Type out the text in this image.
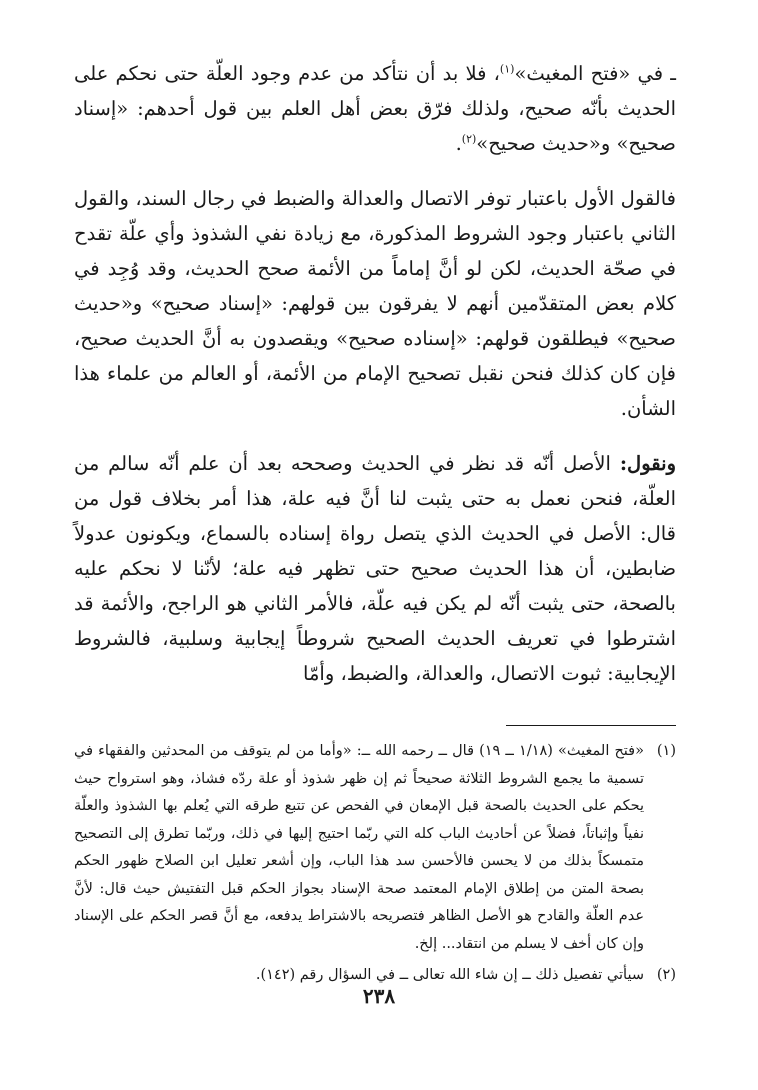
ـ في «فتح المغيث»$^{(١)}$، فلا بد أن نتأكد من عدم وجود العلّة حتى نحكم على الحديث بأنّه صحيح، ولذلك فرّق بعض أهل العلم بين قول أحدهم: «إسناد صحيح» و«حديث صحيح»$^{(٢)}$.

فالقول الأول باعتبار توفر الاتصال والعدالة والضبط في رجال السند، والقول الثاني باعتبار وجود الشروط المذكورة، مع زيادة نفي الشذوذ وأي علّة تقدح في صحّة الحديث، لكن لو أنَّ إماماً من الأئمة صحح الحديث، وقد وُجِد في كلام بعض المتقدّمين أنهم لا يفرقون بين قولهم: «إسناد صحيح» و«حديث صحيح» فيطلقون قولهم: «إسناده صحيح» ويقصدون به أنَّ الحديث صحيح، فإن كان كذلك فنحن نقبل تصحيح الإمام من الأئمة، أو العالم من علماء هذا الشأن.

ونقول: الأصل أنّه قد نظر في الحديث وصححه بعد أن علم أنّه سالم من العلّة، فنحن نعمل به حتى يثبت لنا أنَّ فيه علة، هذا أمر بخلاف قول من قال: الأصل في الحديث الذي يتصل رواة إسناده بالسماع، ويكونون عدولاً ضابطين، أن هذا الحديث صحيح حتى تظهر فيه علة؛ لأنّنا لا نحكم عليه بالصحة، حتى يثبت أنّه لم يكن فيه علّة، فالأمر الثاني هو الراجح، والأئمة قد اشترطوا في تعريف الحديث الصحيح شروطاً إيجابية وسلبية، فالشروط الإيجابية: ثبوت الاتصال، والعدالة، والضبط، وأمّا

(١)
«فتح المغيث» (١/١٨ ــ ١٩) قال ــ رحمه الله ــ: «وأما من لم يتوقف من المحدثين والفقهاء في تسمية ما يجمع الشروط الثلاثة صحيحاً ثم إن ظهر شذوذ أو علة ردّه فشاذ، وهو استرواح حيث يحكم على الحديث بالصحة قبل الإمعان في الفحص عن تتبع طرقه التي يُعلم بها الشذوذ والعلّة نفياً وإثباتاً، فضلاً عن أحاديث الباب كله التي ربّما احتيج إليها في ذلك، وربّما تطرق إلى التصحيح متمسكاً بذلك من لا يحسن فالأحسن سد هذا الباب، وإن أشعر تعليل ابن الصلاح ظهور الحكم بصحة المتن من إطلاق الإمام المعتمد صحة الإسناد بجواز الحكم قبل التفتيش حيث قال: لأنَّ عدم العلّة والقادح هو الأصل الظاهر فتصريحه بالاشتراط يدفعه، مع أنَّ قصر الحكم على الإسناد وإن كان أخف لا يسلم من انتقاد... إلخ.
(٢)
سيأتي تفصيل ذلك ــ إن شاء الله تعالى ــ في السؤال رقم (١٤٢).
٢٣٨
